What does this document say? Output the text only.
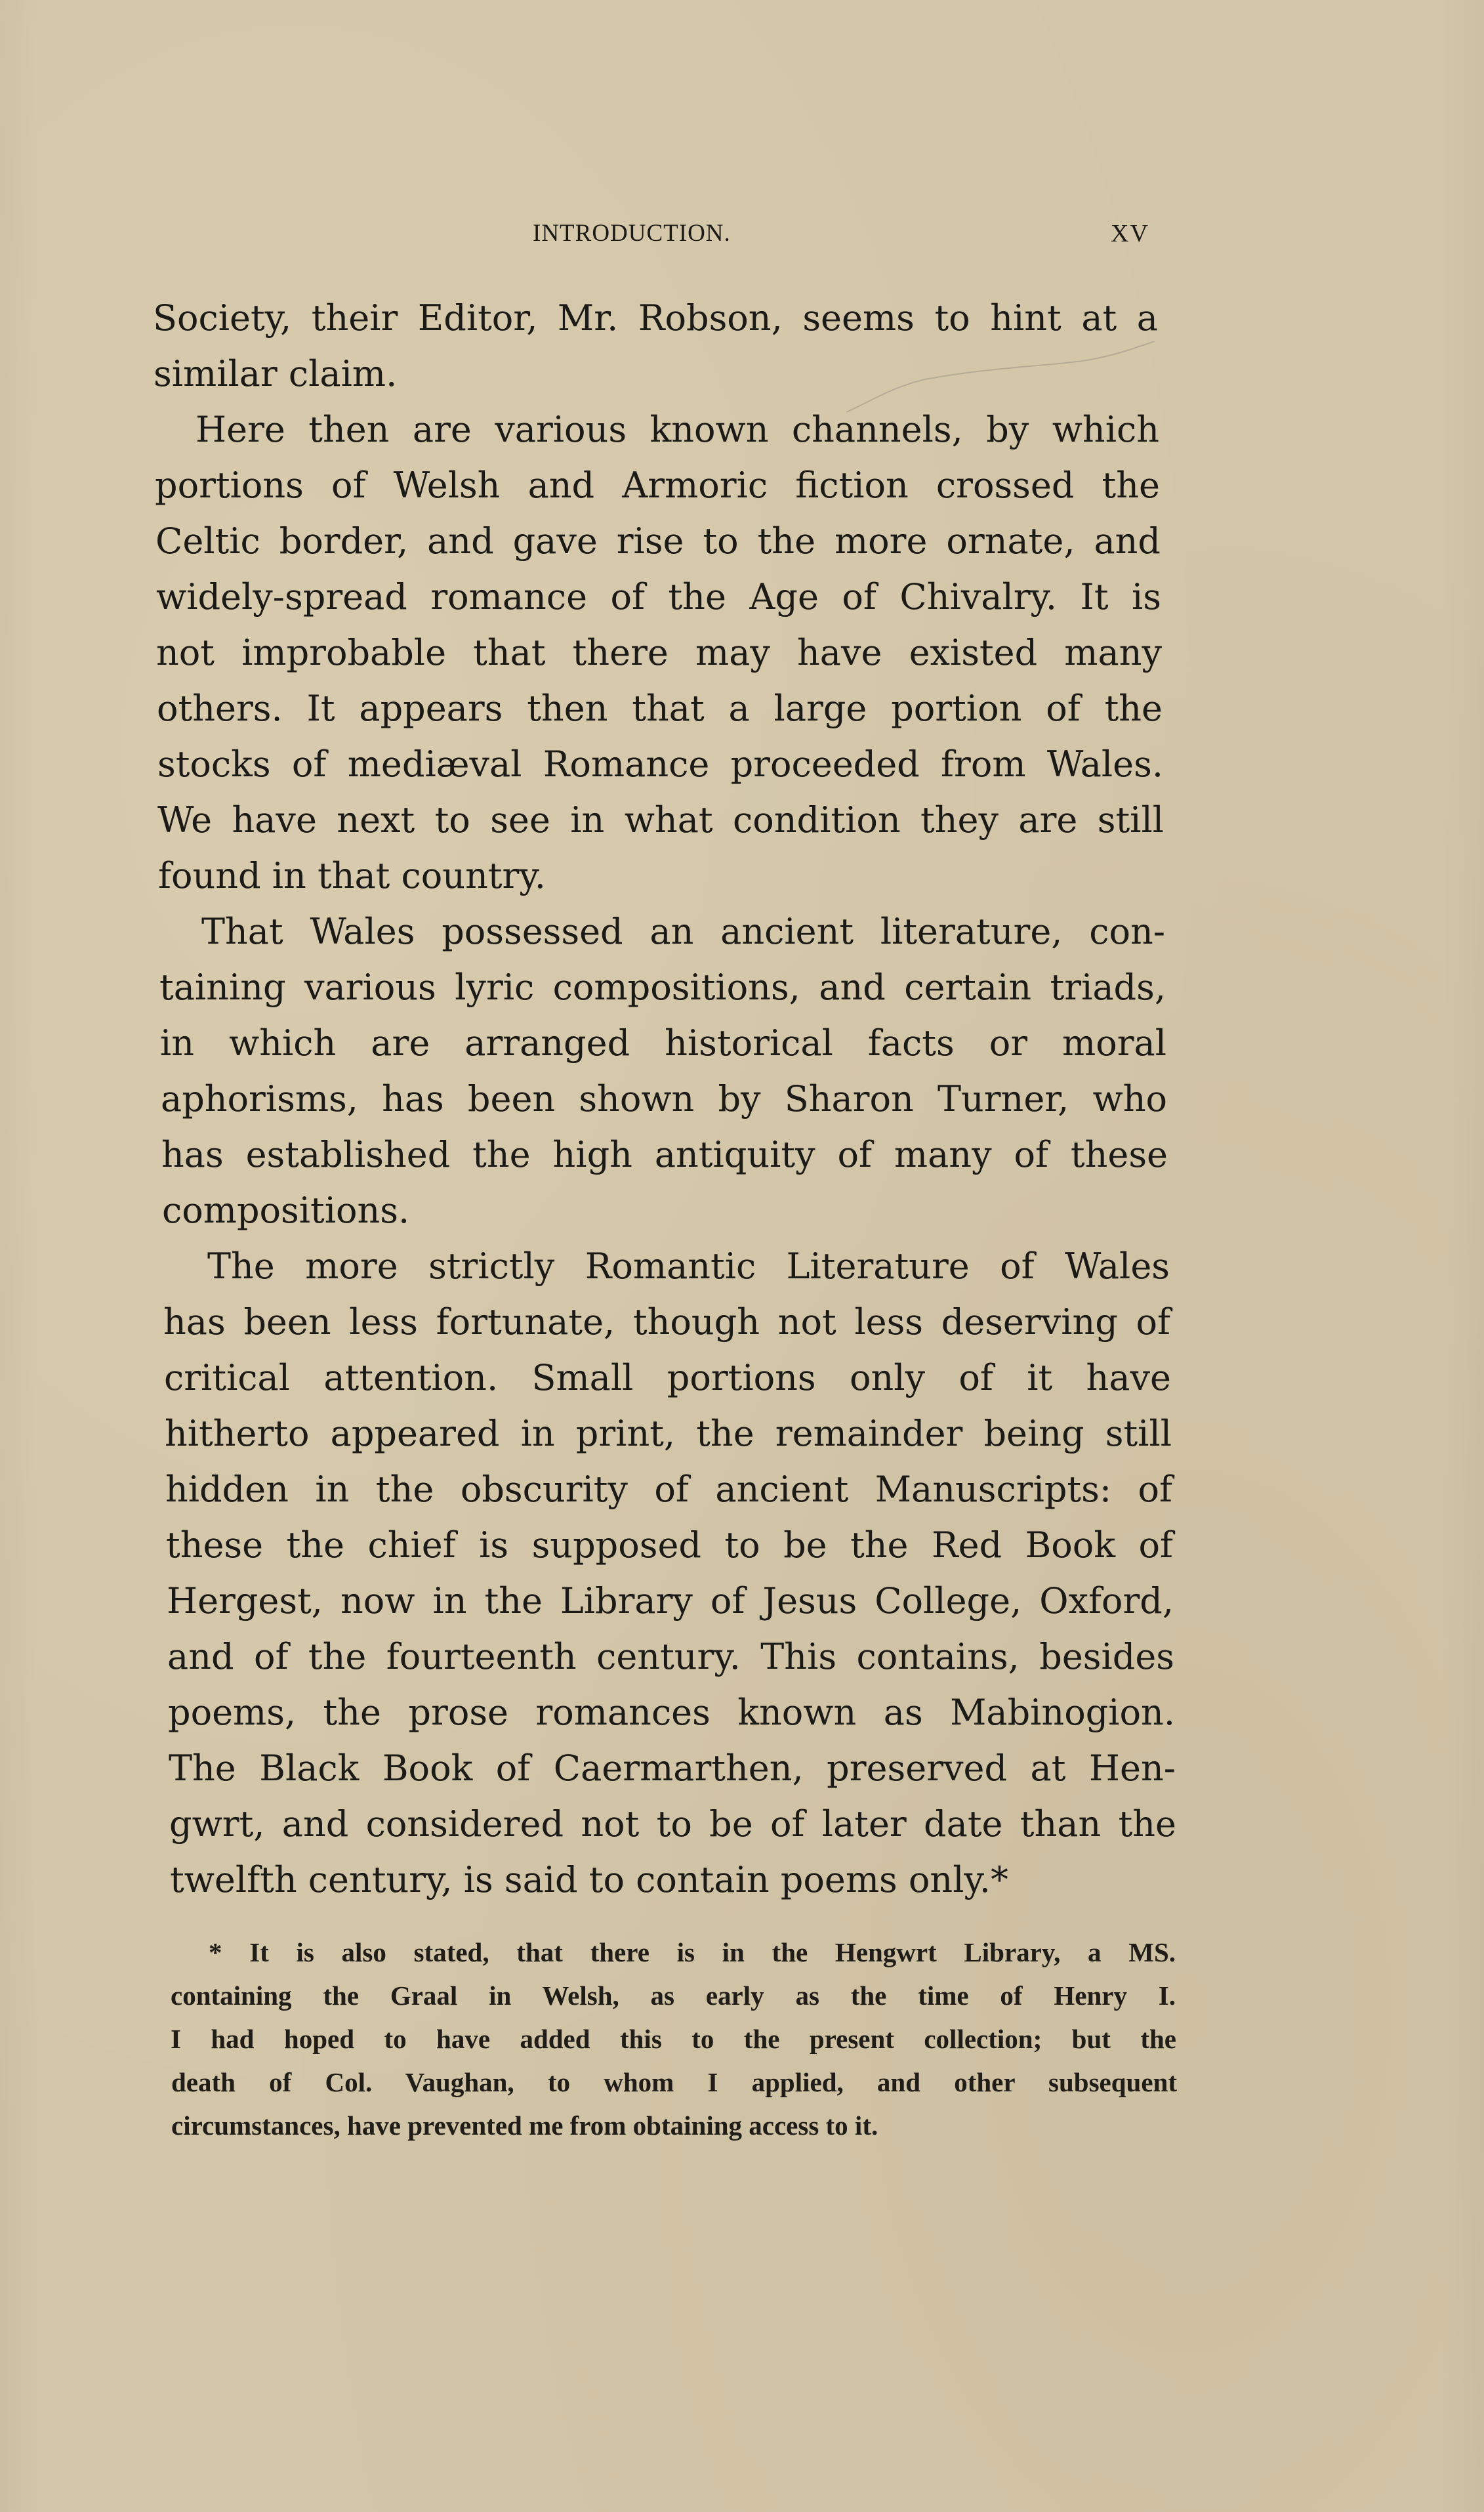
INTRODUCTION.	XV
Society, their Editor, Mr. Robson, seems to hint at a
similar claim.
Here then are various known channels, by which
portions of Welsh and Armoric fiction crossed the
Celtic border, and gave rise to the more ornate, and
widely-spread romance of the Age of Chivalry. It is
not improbable that there may have existed many
others. It appears then that a large portion of the
stocks of mediæval Romance proceeded from Wales.
We have next to see in what condition they are still
found in that country.
That Wales possessed an ancient literature, con-
taining various lyric compositions, and certain triads,
in which are arranged historical facts or moral
aphorisms, has been shown by Sharon Turner, who
has established the high antiquity of many of these
compositions.
The more strictly Romantic Literature of Wales
has been less fortunate, though not less deserving of
critical attention. Small portions only of it have
hitherto appeared in print, the remainder being still
hidden in the obscurity of ancient Manuscripts: of
these the chief is supposed to be the Red Book of
Hergest, now in the Library of Jesus College, Oxford,
and of the fourteenth century. This contains, besides
poems, the prose romances known as Mabinogion.
The Black Book of Caermarthen, preserved at Hen-
gwrt, and considered not to be of later date than the
twelfth century, is said to contain poems only.*
* It is also stated, that there is in the Hengwrt Library, a MS.
containing the Graal in Welsh, as early as the time of Henry I.
I had hoped to have added this to the present collection; but the
death of Col. Vaughan, to whom I applied, and other subsequent
circumstances, have prevented me from obtaining access to it.
